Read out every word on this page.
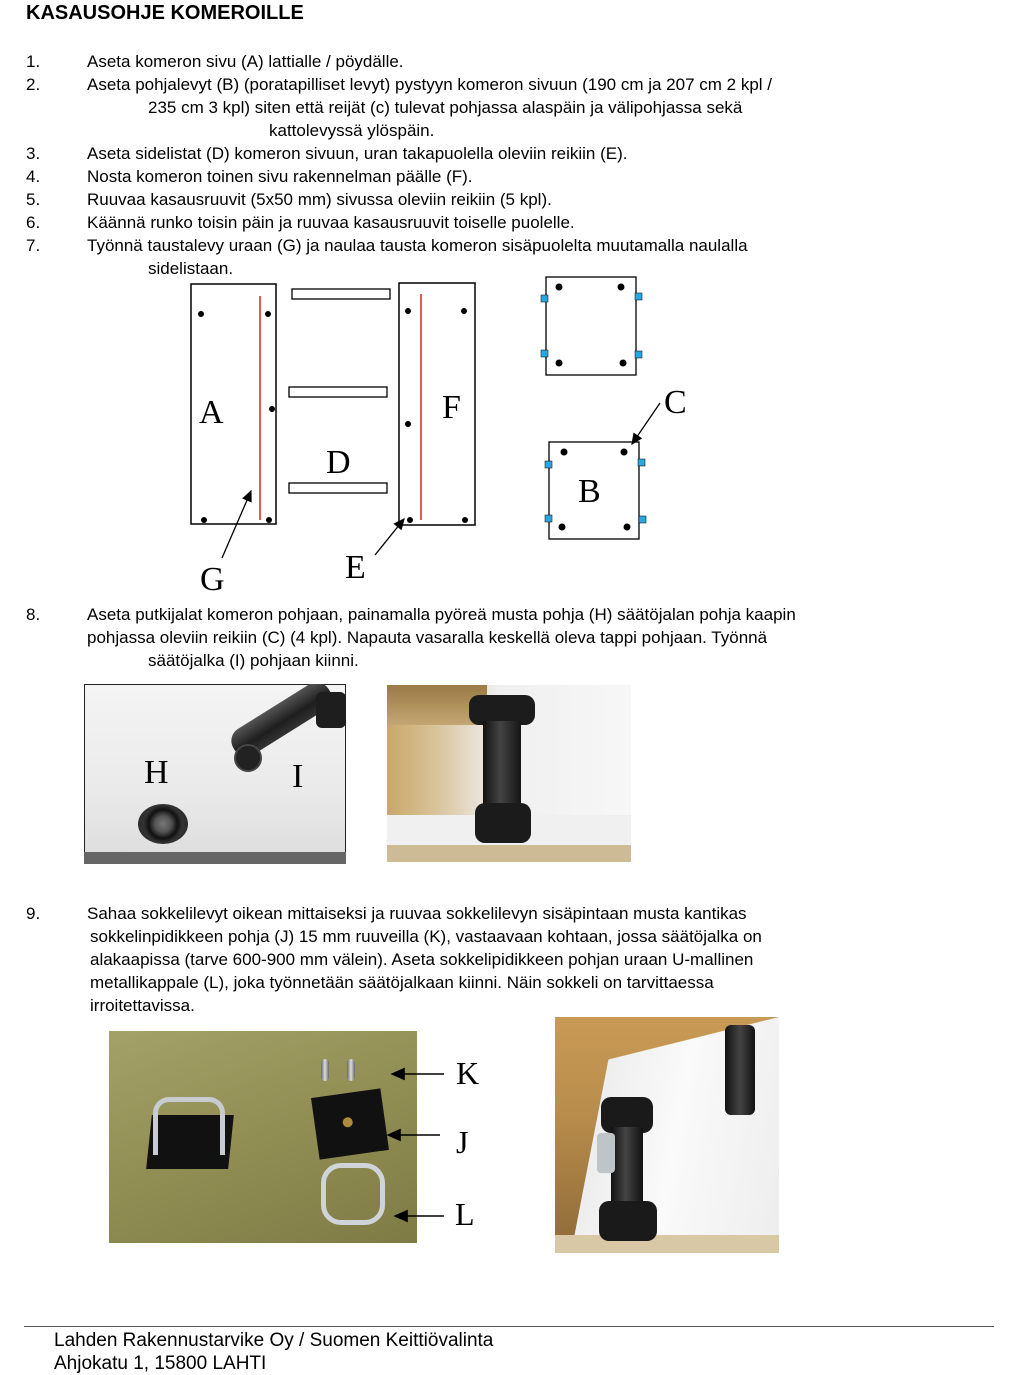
KASAUSOHJE KOMEROILLE
1.	Aseta komeron sivu (A) lattialle / pöydälle.
2.	Aseta pohjalevyt (B) (poratapilliset levyt) pystyyn komeron sivuun (190 cm ja 207 cm 2 kpl /
235 cm 3 kpl) siten että reijät (c) tulevat pohjassa alaspäin ja välipohjassa sekä
kattolevyssä ylöspäin.
3.	Aseta sidelistat (D) komeron sivuun, uran takapuolella oleviin reikiin (E).
4.	Nosta komeron toinen sivu rakennelman päälle (F).
5.	Ruuvaa kasausruuvit (5x50 mm) sivussa oleviin reikiin (5 kpl).
6.	Käännä runko toisin päin ja ruuvaa kasausruuvit toiselle puolelle.
7.	Työnnä taustalevy uraan (G) ja naulaa tausta komeron sisäpuolelta muutamalla naulalla
sidelistaan.
A	F
D
C
B
G	E
8.	Aseta putkijalat komeron pohjaan, painamalla pyöreä musta pohja (H) säätöjalan pohja kaapin
pohjassa oleviin reikiin (C) (4 kpl). Napauta vasaralla keskellä oleva tappi pohjaan. Työnnä
säätöjalka (I) pohjaan kiinni.
H	I
9.	Sahaa sokkelilevyt oikean mittaiseksi ja ruuvaa sokkelilevyn sisäpintaan musta kantikas
sokkelinpidikkeen pohja (J) 15 mm ruuveilla (K), vastaavaan kohtaan, jossa säätöjalka on
alakaapissa (tarve 600-900 mm välein). Aseta sokkelipidikkeen pohjan uraan U-mallinen
metallikappale (L), joka työnnetään säätöjalkaan kiinni. Näin sokkeli on tarvittaessa
irroitettavissa.
K
J
L
Lahden Rakennustarvike Oy / Suomen Keittiövalinta
Ahjokatu 1, 15800 LAHTI
